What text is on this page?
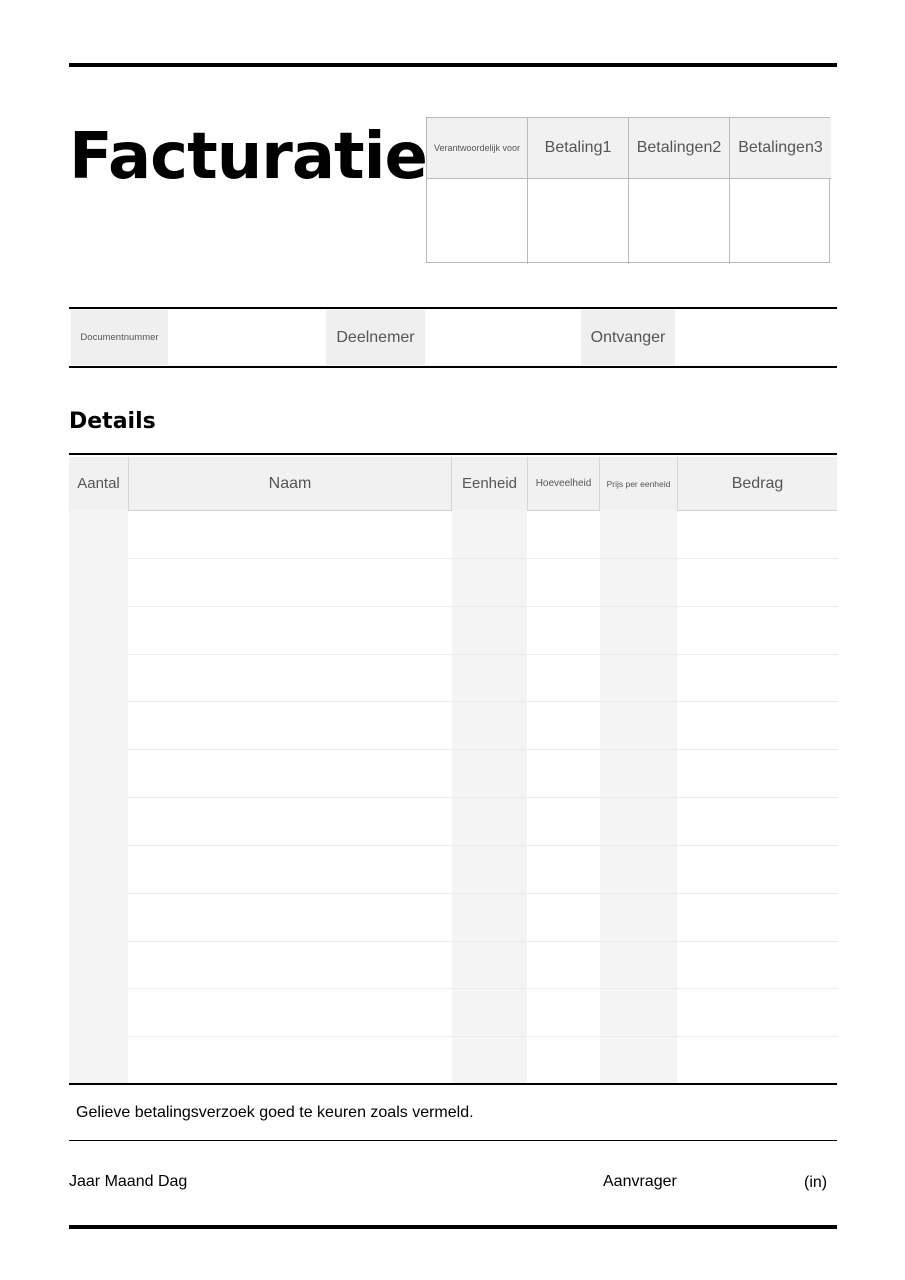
Facturatie Verantwoordelijk voor	Betaling1	Betalingen2	Betalingen3
Documentnummer	Deelnemer	Ontvanger
Details
Aantal	Naam	Eenheid	Hoeveelheid	Prijs per eenheid	Bedrag
Gelieve betalingsverzoek goed te keuren zoals vermeld.
Jaar Maand Dag	Aanvrager	(in)
